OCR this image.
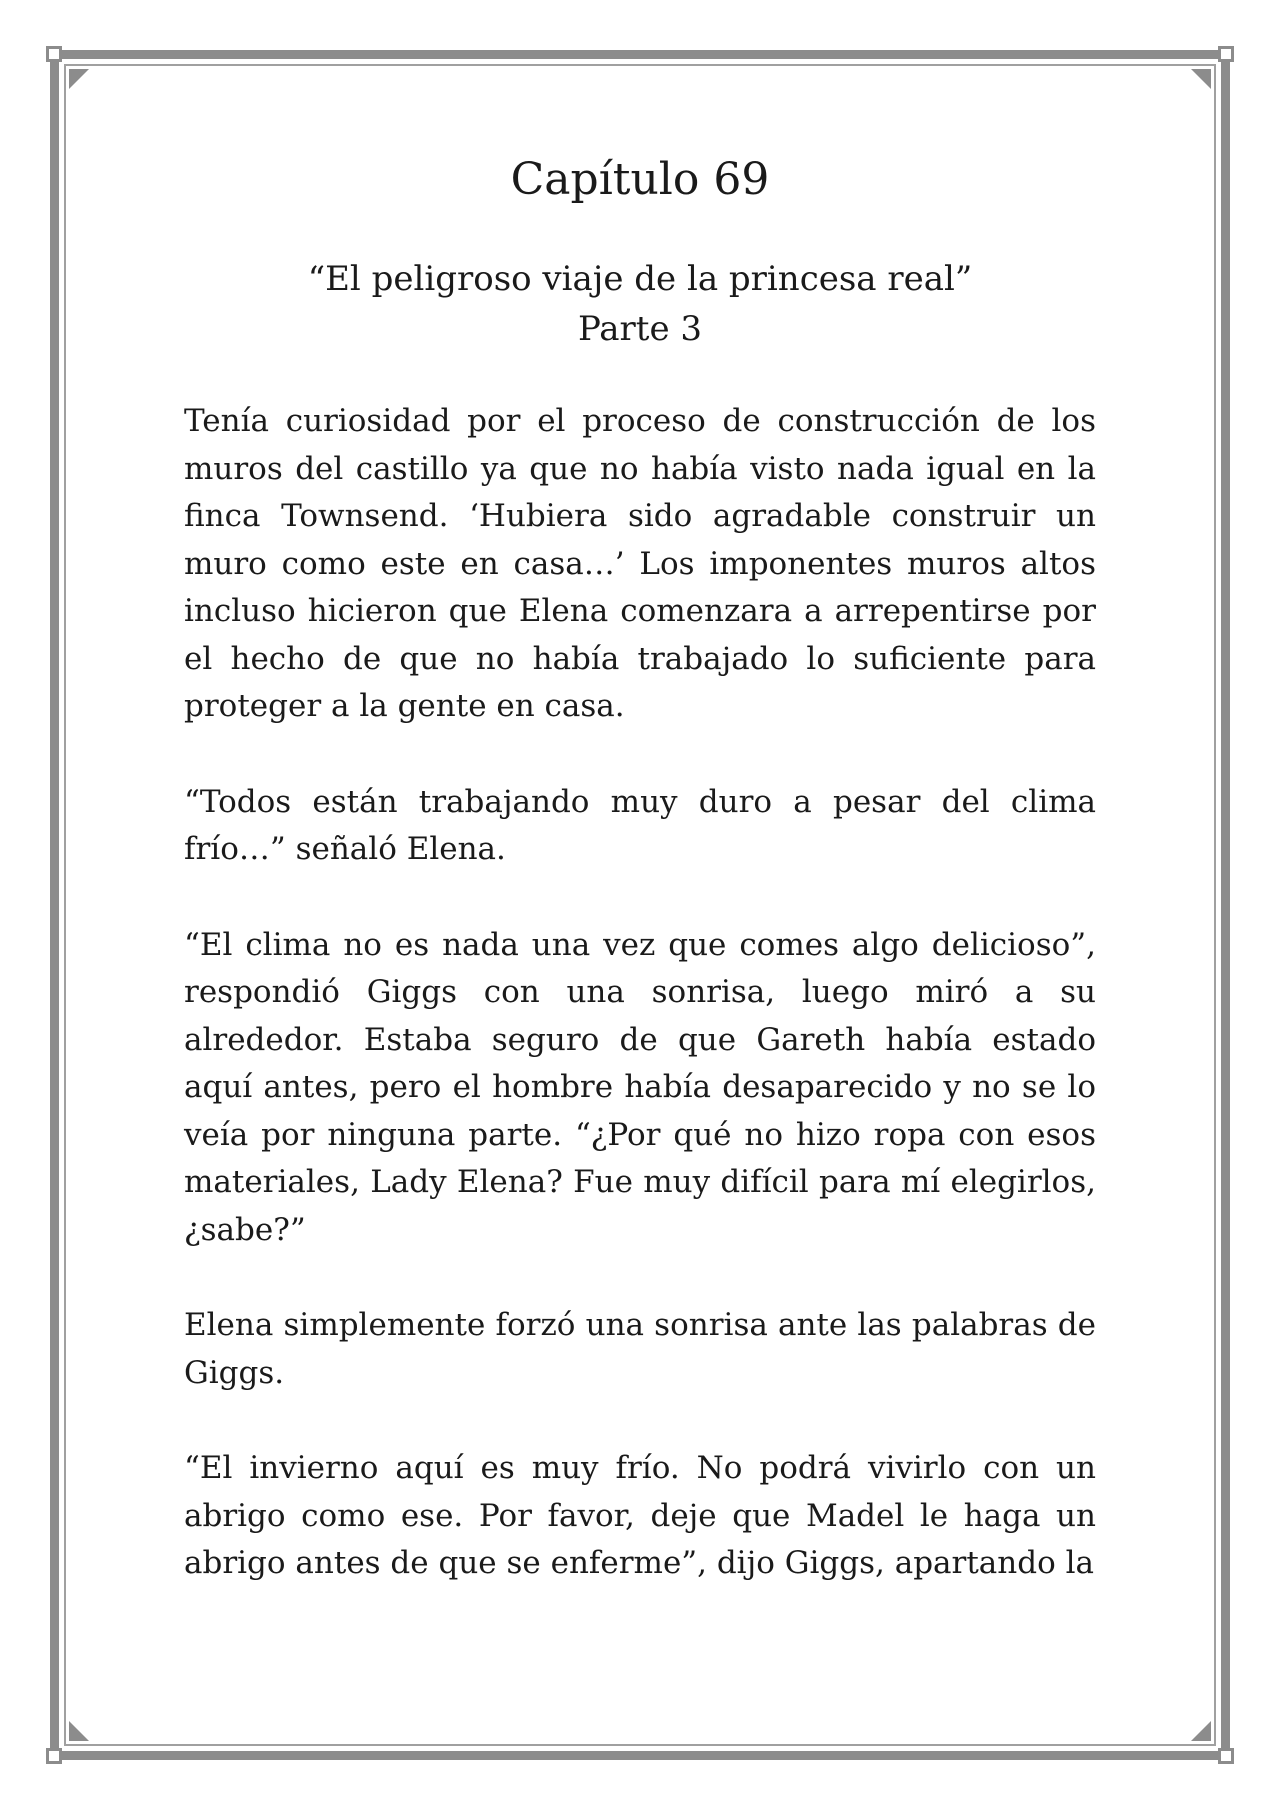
Capítulo 69

“El peligroso viaje de la princesa real”

Parte 3

Tenía curiosidad por el proceso de construcción de los muros del castillo ya que no había visto nada igual en la finca Townsend. ‘Hubiera sido agradable construir un muro como este en casa…’ Los imponentes muros altos incluso hicieron que Elena comenzara a arrepentirse por el hecho de que no había trabajado lo suficiente para proteger a la gente en casa.

“Todos están trabajando muy duro a pesar del clima frío…” señaló Elena.

“El clima no es nada una vez que comes algo delicioso”, respondió Giggs con una sonrisa, luego miró a su alrededor. Estaba seguro de que Gareth había estado aquí antes, pero el hombre había desaparecido y no se lo veía por ninguna parte. “¿Por qué no hizo ropa con esos materiales, Lady Elena? Fue muy difícil para mí elegirlos, ¿sabe?”

Elena simplemente forzó una sonrisa ante las palabras de Giggs.

“El invierno aquí es muy frío. No podrá vivirlo con un abrigo como ese. Por favor, deje que Madel le haga un abrigo antes de que se enferme”, dijo Giggs, apartando la
